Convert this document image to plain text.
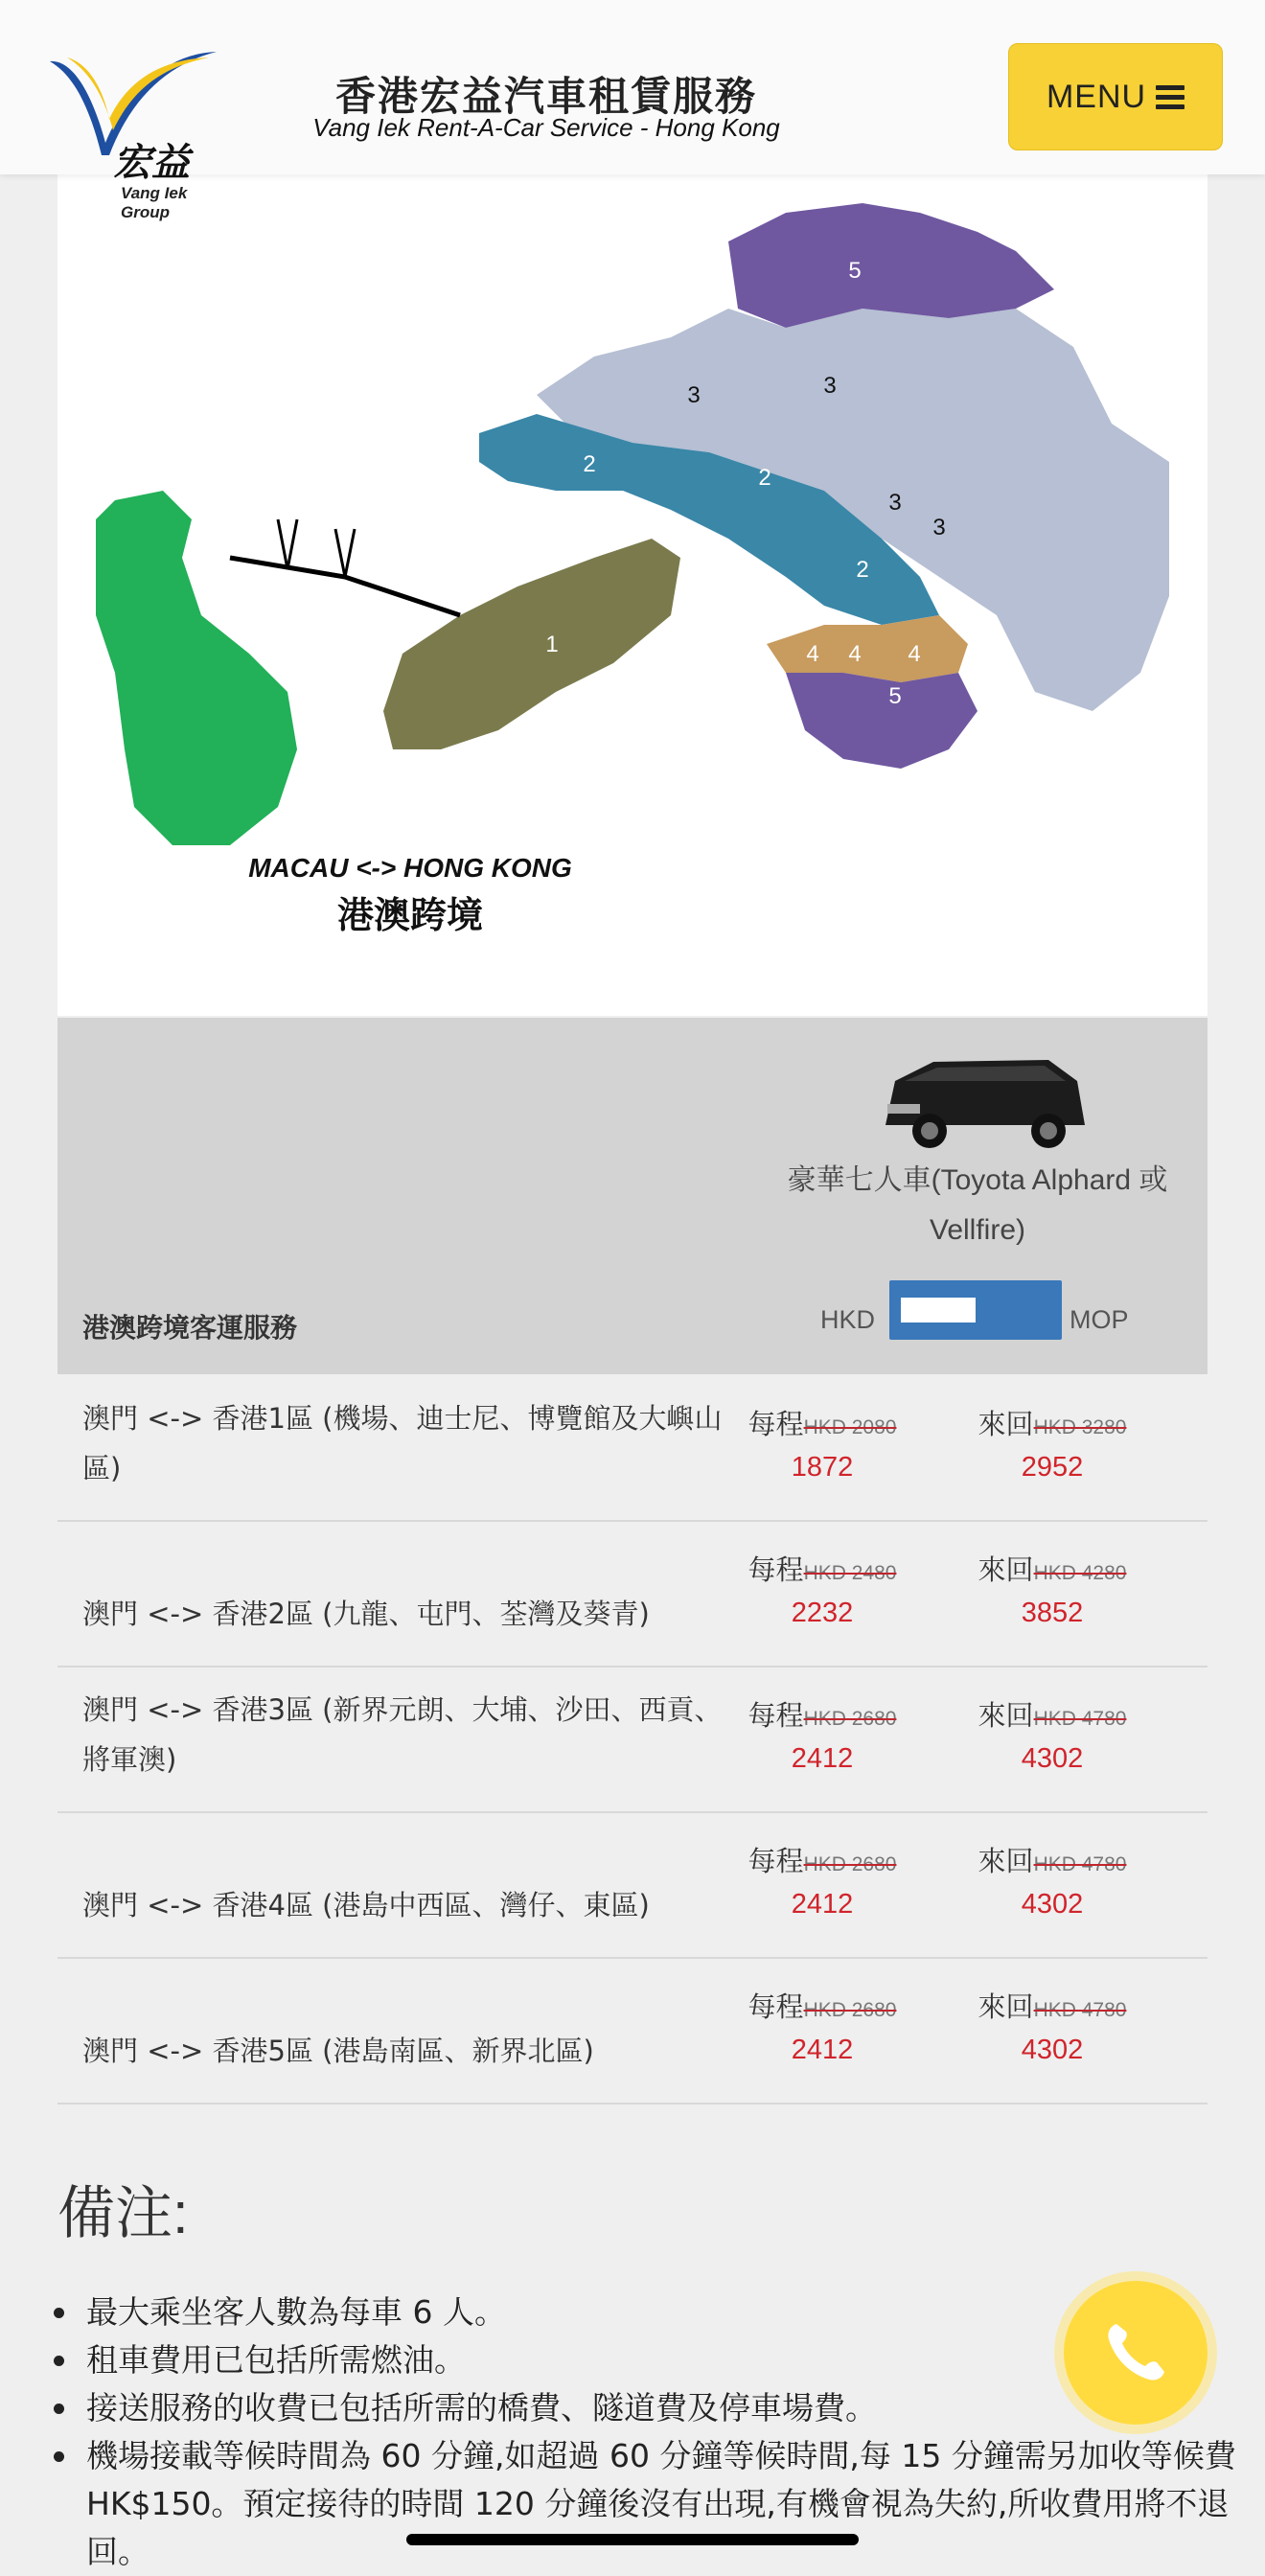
宏益
Vang Iek Group
香港宏益汽車租賃服務
Vang Iek Rent-A-Car Service - Hong Kong
MENU
1
2
2
2
3	3
3
3
4 4 4
5
5
MACAU <-> HONG KONG
港澳跨境
港澳跨境客運服務
豪華七人車(Toyota Alphard 或 Vellfire)
HKD	MOP
澳門 <-> 香港1區 (機場、迪士尼、博覽館及大嶼山區)
每程HKD 2080
1872
來回HKD 3280
2952
澳門 <-> 香港2區 (九龍、屯門、荃灣及葵青)
每程HKD 2480
2232
來回HKD 4280
3852
澳門 <-> 香港3區 (新界元朗、大埔、沙田、西貢、將軍澳)
每程HKD 2680
2412
來回HKD 4780
4302
澳門 <-> 香港4區 (港島中西區、灣仔、東區)
每程HKD 2680
2412
來回HKD 4780
4302
澳門 <-> 香港5區 (港島南區、新界北區)
每程HKD 2680
2412
來回HKD 4780
4302
備注:
最大乘坐客人數為每車 6 人。
租車費用已包括所需燃油。
接送服務的收費已包括所需的橋費、隧道費及停車場費。
機場接載等候時間為 60 分鐘,如超過 60 分鐘等候時間,每 15 分鐘需另加收等候費HK$150。預定接待的時間 120 分鐘後沒有出現,有機會視為失約,所收費用將不退回。
